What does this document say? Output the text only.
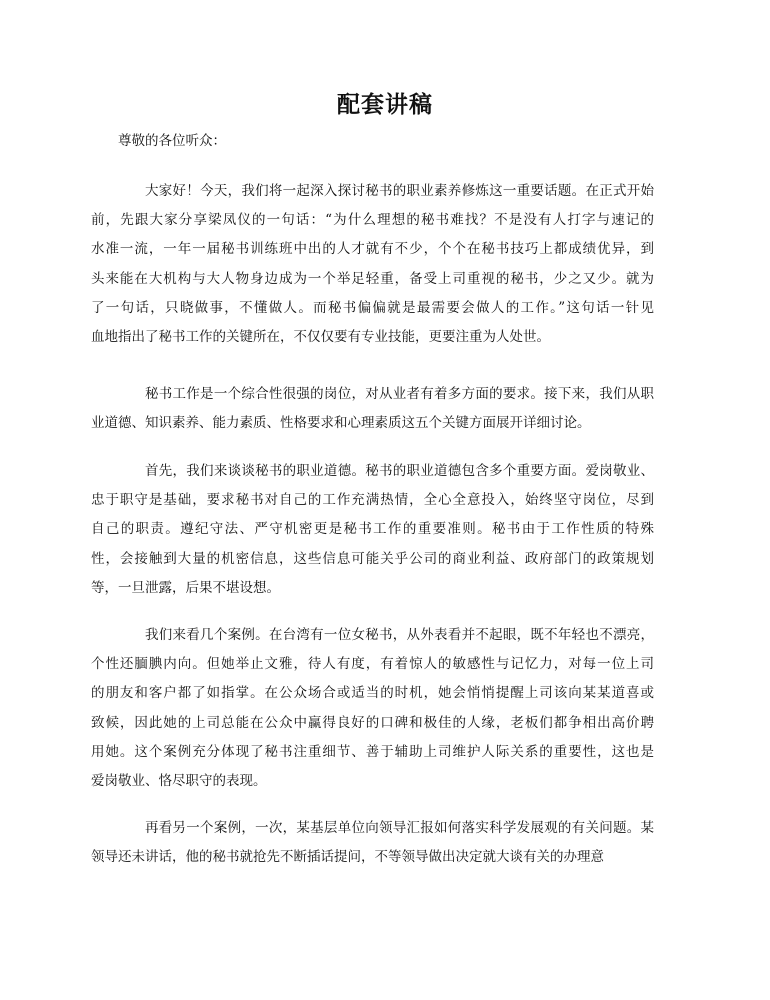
配套讲稿

尊敬的各位听众：

大家好！今天，我们将一起深入探讨秘书的职业素养修炼这一重要话题。在正式开始
前，先跟大家分享梁凤仪的一句话：“为什么理想的秘书难找？不是没有人打字与速记的
水准一流，一年一届秘书训练班中出的人才就有不少，个个在秘书技巧上都成绩优异，到
头来能在大机构与大人物身边成为一个举足轻重，备受上司重视的秘书，少之又少。就为
了一句话，只晓做事，不懂做人。而秘书偏偏就是最需要会做人的工作。”这句话一针见
血地指出了秘书工作的关键所在，不仅仅要有专业技能，更要注重为人处世。

秘书工作是一个综合性很强的岗位，对从业者有着多方面的要求。接下来，我们从职
业道德、知识素养、能力素质、性格要求和心理素质这五个关键方面展开详细讨论。

首先，我们来谈谈秘书的职业道德。秘书的职业道德包含多个重要方面。爱岗敬业、
忠于职守是基础，要求秘书对自己的工作充满热情，全心全意投入，始终坚守岗位，尽到
自己的职责。遵纪守法、严守机密更是秘书工作的重要准则。秘书由于工作性质的特殊
性，会接触到大量的机密信息，这些信息可能关乎公司的商业利益、政府部门的政策规划
等，一旦泄露，后果不堪设想。

我们来看几个案例。在台湾有一位女秘书，从外表看并不起眼，既不年轻也不漂亮，
个性还腼腆内向。但她举止文雅，待人有度，有着惊人的敏感性与记忆力，对每一位上司
的朋友和客户都了如指掌。在公众场合或适当的时机，她会悄悄提醒上司该向某某道喜或
致候，因此她的上司总能在公众中赢得良好的口碑和极佳的人缘，老板们都争相出高价聘
用她。这个案例充分体现了秘书注重细节、善于辅助上司维护人际关系的重要性，这也是
爱岗敬业、恪尽职守的表现。

再看另一个案例，一次，某基层单位向领导汇报如何落实科学发展观的有关问题。某
领导还未讲话，他的秘书就抢先不断插话提问，不等领导做出决定就大谈有关的办理意
